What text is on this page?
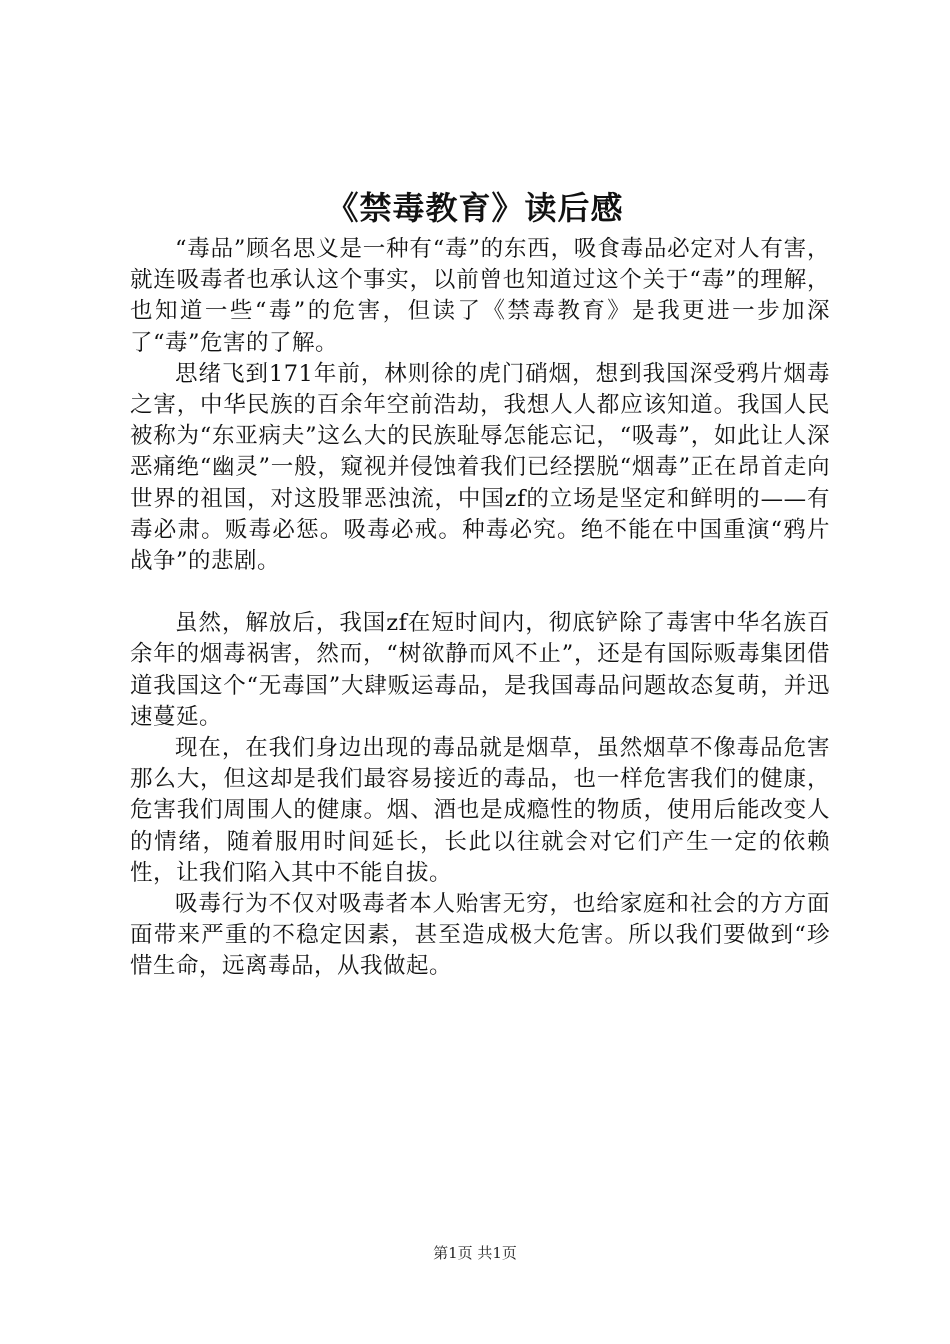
《禁毒教育》读后感

“毒品”顾名思义是一种有“毒”的东西，吸食毒品必定对人有害，就连吸毒者也承认这个事实，以前曾也知道过这个关于“毒”的理解，也知道一些“毒”的危害，但读了《禁毒教育》是我更进一步加深了“毒”危害的了解。

思绪飞到171年前，林则徐的虎门硝烟，想到我国深受鸦片烟毒之害，中华民族的百余年空前浩劫，我想人人都应该知道。我国人民被称为“东亚病夫”这么大的民族耻辱怎能忘记，“吸毒”，如此让人深恶痛绝“幽灵”一般，窥视并侵蚀着我们已经摆脱“烟毒”正在昂首走向世界的祖国，对这股罪恶浊流，中国zf的立场是坚定和鲜明的——有毒必肃。贩毒必惩。吸毒必戒。种毒必究。绝不能在中国重演“鸦片战争”的悲剧。

虽然，解放后，我国zf在短时间内，彻底铲除了毒害中华名族百余年的烟毒祸害，然而，“树欲静而风不止”，还是有国际贩毒集团借道我国这个“无毒国”大肆贩运毒品，是我国毒品问题故态复萌，并迅速蔓延。

现在，在我们身边出现的毒品就是烟草，虽然烟草不像毒品危害那么大，但这却是我们最容易接近的毒品，也一样危害我们的健康，危害我们周围人的健康。烟、酒也是成瘾性的物质，使用后能改变人的情绪，随着服用时间延长，长此以往就会对它们产生一定的依赖性，让我们陷入其中不能自拔。

吸毒行为不仅对吸毒者本人贻害无穷，也给家庭和社会的方方面面带来严重的不稳定因素，甚至造成极大危害。所以我们要做到“珍惜生命，远离毒品，从我做起。

第1页 共1页
